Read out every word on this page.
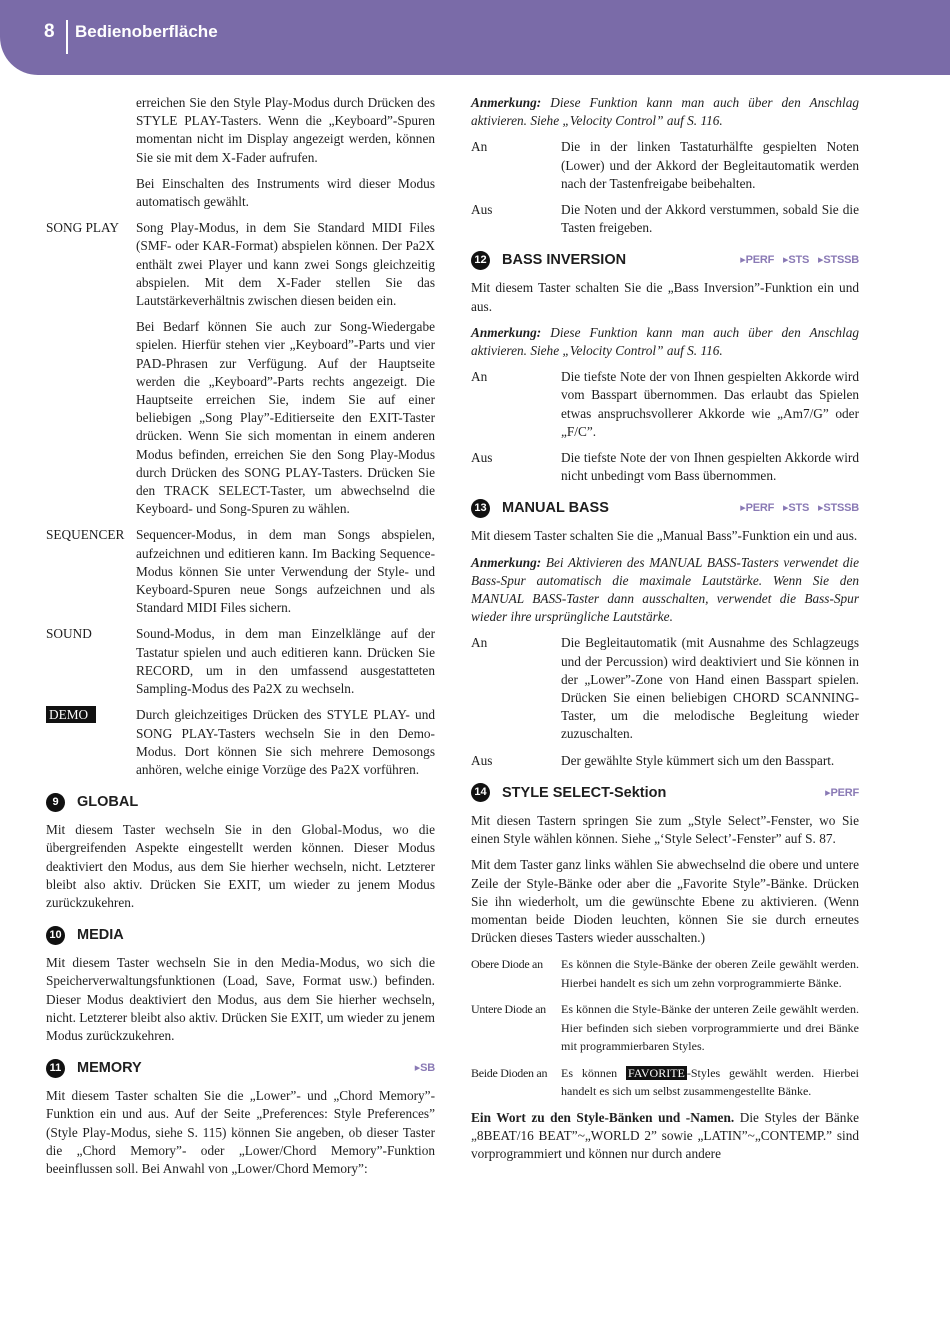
8 Bedienoberfläche

erreichen Sie den Style Play-Modus durch Drücken des STYLE PLAY-Tasters. Wenn die „Keyboard”-Spuren momentan nicht im Display angezeigt werden, können Sie sie mit dem X-Fader aufrufen.

Bei Einschalten des Instruments wird dieser Modus automatisch gewählt.

SONG PLAY	Song Play-Modus, in dem Sie Standard MIDI Files (SMF- oder KAR-Format) abspielen können. Der Pa2X enthält zwei Player und kann zwei Songs gleichzeitig abspielen. Mit dem X-Fader stellen Sie das Lautstärkeverhältnis zwischen diesen beiden ein.

Bei Bedarf können Sie auch zur Song-Wiedergabe spielen. Hierfür stehen vier „Keyboard”-Parts und vier PAD-Phrasen zur Verfügung. Auf der Hauptseite werden die „Keyboard”-Parts rechts angezeigt. Die Hauptseite erreichen Sie, indem Sie auf einer beliebigen „Song Play”-Editierseite den EXIT-Taster drücken. Wenn Sie sich momentan in einem anderen Modus befinden, erreichen Sie den Song Play-Modus durch Drücken des SONG PLAY-Tasters. Drücken Sie den TRACK SELECT-Taster, um abwechselnd die Keyboard- und Song-Spuren zu wählen.

SEQUENCER Sequencer-Modus, in dem man Songs abspielen, aufzeichnen und editieren kann. Im Backing Sequence-Modus können Sie unter Verwendung der Style- und Keyboard-Spuren neue Songs aufzeichnen und als Standard MIDI Files sichern.
SOUND	Sound-Modus, in dem man Einzelklänge auf der Tastatur spielen und auch editieren kann. Drücken Sie RECORD, um in den umfassend ausgestatteten Sampling-Modus des Pa2X zu wechseln.
DEMO	Durch gleichzeitiges Drücken des STYLE PLAY- und SONG PLAY-Tasters wechseln Sie in den Demo-Modus. Dort können Sie sich mehrere Demosongs anhören, welche einige Vorzüge des Pa2X vorführen.
9	GLOBAL

Mit diesem Taster wechseln Sie in den Global-Modus, wo die übergreifenden Aspekte eingestellt werden können. Dieser Modus deaktiviert den Modus, aus dem Sie hierher wechseln, nicht. Letzterer bleibt also aktiv. Drücken Sie EXIT, um wieder zu jenem Modus zurückzukehren.

10 MEDIA

Mit diesem Taster wechseln Sie in den Media-Modus, wo sich die Speicherverwaltungsfunktionen (Load, Save, Format usw.) befinden. Dieser Modus deaktiviert den Modus, aus dem Sie hierher wechseln, nicht. Letzterer bleibt also aktiv. Drücken Sie EXIT, um wieder zu jenem Modus zurückzukehren.

11 MEMORY	▸SB

Mit diesem Taster schalten Sie die „Lower”- und „Chord Memory”-Funktion ein und aus. Auf der Seite „Preferences: Style Preferences” (Style Play-Modus, siehe S. 115) können Sie angeben, ob dieser Taster die „Chord Memory”- oder „Lower/Chord Memory”-Funktion beeinflussen soll. Bei Anwahl von „Lower/Chord Memory”:

Anmerkung: Diese Funktion kann man auch über den Anschlag aktivieren. Siehe „Velocity Control” auf S. 116.

An	Die in der linken Tastaturhälfte gespielten Noten (Lower) und der Akkord der Begleitautomatik werden nach der Tastenfreigabe beibehalten.
Aus	Die Noten und der Akkord verstummen, sobald Sie die Tasten freigeben.
12 BASS INVERSION	▸PERF ▸STS ▸STSSB

Mit diesem Taster schalten Sie die „Bass Inversion”-Funktion ein und aus.

Anmerkung: Diese Funktion kann man auch über den Anschlag aktivieren. Siehe „Velocity Control” auf S. 116.

An	Die tiefste Note der von Ihnen gespielten Akkorde wird vom Basspart übernommen. Das erlaubt das Spielen etwas anspruchsvollerer Akkorde wie „Am7/G” oder „F/C”.
Aus	Die tiefste Note der von Ihnen gespielten Akkorde wird nicht unbedingt vom Bass übernommen.
13 MANUAL BASS	▸PERF ▸STS ▸STSSB

Mit diesem Taster schalten Sie die „Manual Bass”-Funktion ein und aus.

Anmerkung: Bei Aktivieren des MANUAL BASS-Tasters verwendet die Bass-Spur automatisch die maximale Lautstärke. Wenn Sie den MANUAL BASS-Taster dann ausschalten, verwendet die Bass-Spur wieder ihre ursprüngliche Lautstärke.

An	Die Begleitautomatik (mit Ausnahme des Schlagzeugs und der Percussion) wird deaktiviert und Sie können in der „Lower”-Zone von Hand einen Basspart spielen. Drücken Sie einen beliebigen CHORD SCANNING-Taster, um die melodische Begleitung wieder zuzuschalten.
Aus	Der gewählte Style kümmert sich um den Basspart.
14 STYLE SELECT-Sektion	▸PERF

Mit diesen Tastern springen Sie zum „Style Select”-Fenster, wo Sie einen Style wählen können. Siehe „‘Style Select’-Fenster” auf S. 87.

Mit dem Taster ganz links wählen Sie abwechselnd die obere und untere Zeile der Style-Bänke oder aber die „Favorite Style”-Bänke. Drücken Sie ihn wiederholt, um die gewünschte Ebene zu aktivieren. (Wenn momentan beide Dioden leuchten, können Sie sie durch erneutes Drücken dieses Tasters wieder ausschalten.)

Obere Diode an	Es können die Style-Bänke der oberen Zeile gewählt werden. Hierbei handelt es sich um zehn vorprogrammierte Bänke.
Untere Diode an	Es können die Style-Bänke der unteren Zeile gewählt werden. Hier befinden sich sieben vorprogrammierte und drei Bänke mit programmierbaren Styles.
Beide Dioden an	Es können FAVORITE -Styles gewählt werden. Hierbei handelt es sich um selbst zusammengestellte Bänke.

Ein Wort zu den Style-Bänken und -Namen. Die Styles der Bänke „8BEAT/16 BEAT”~„WORLD 2” sowie „LATIN”~„CONTEMP.” sind vorprogrammiert und können nur durch andere
